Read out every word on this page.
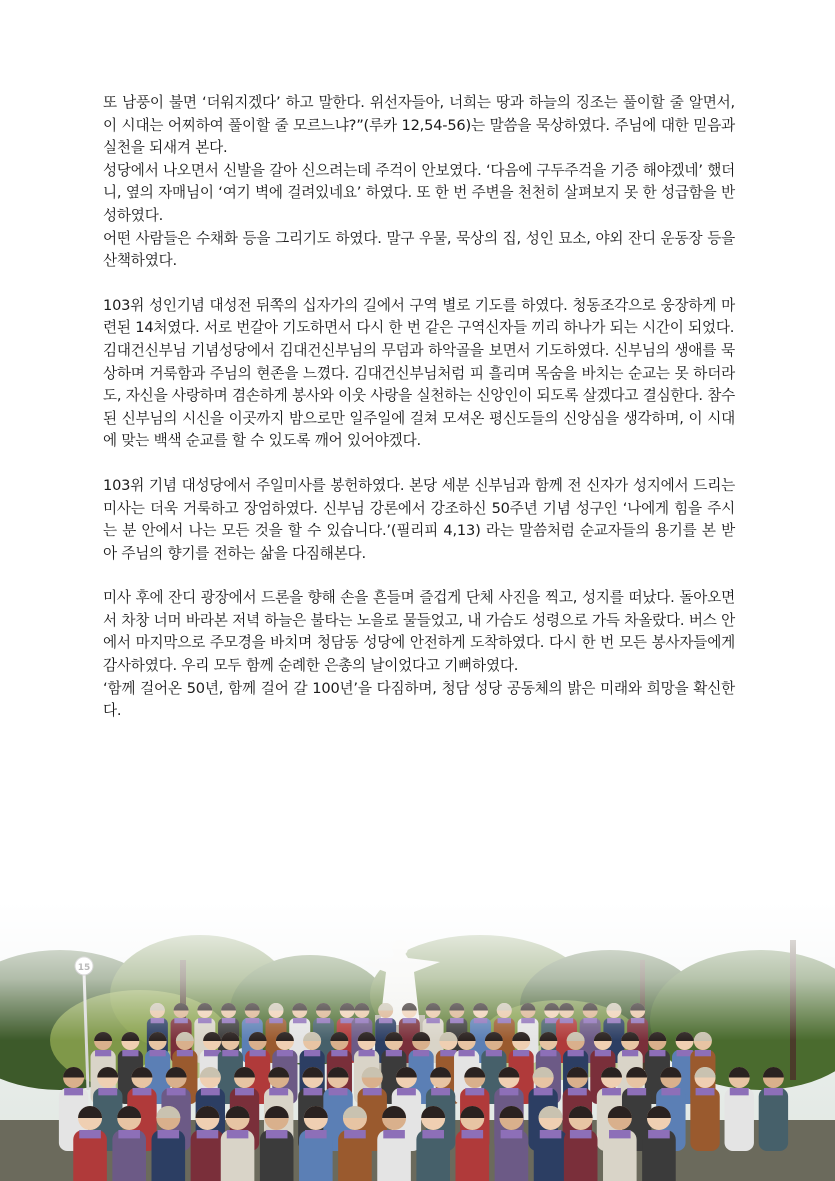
또 남풍이 불면 ‘더워지겠다’ 하고 말한다. 위선자들아, 너희는 땅과 하늘의 징조는 풀이할 줄 알면서, 이 시대는 어찌하여 풀이할 줄 모르느냐?”(루카 12,54-56)는 말씀을 묵상하였다. 주님에 대한 믿음과 실천을 되새겨 본다.

성당에서 나오면서 신발을 갈아 신으려는데 주걱이 안보였다. ‘다음에 구두주걱을 기증 해야겠네’ 했더니, 옆의 자매님이 ‘여기 벽에 걸려있네요’ 하였다. 또 한 번 주변을 천천히 살펴보지 못 한 성급함을 반성하였다.

어떤 사람들은 수채화 등을 그리기도 하였다. 말구 우물, 묵상의 집, 성인 묘소, 야외 잔디 운동장 등을 산책하였다.

103위 성인기념 대성전 뒤쪽의 십자가의 길에서 구역 별로 기도를 하였다. 청동조각으로 웅장하게 마련된 14처였다. 서로 번갈아 기도하면서 다시 한 번 같은 구역신자들 끼리 하나가 되는 시간이 되었다.

김대건신부님 기념성당에서 김대건신부님의 무덤과 하악골을 보면서 기도하였다. 신부님의 생애를 묵상하며 거룩함과 주님의 현존을 느꼈다. 김대건신부님처럼 피 흘리며 목숨을 바치는 순교는 못 하더라도, 자신을 사랑하며 겸손하게 봉사와 이웃 사랑을 실천하는 신앙인이 되도록 살겠다고 결심한다. 참수된 신부님의 시신을 이곳까지 밤으로만 일주일에 걸쳐 모셔온 평신도들의 신앙심을 생각하며, 이 시대에 맞는 백색 순교를 할 수 있도록 깨어 있어야겠다.

103위 기념 대성당에서 주일미사를 봉헌하였다. 본당 세분 신부님과 함께 전 신자가 성지에서 드리는 미사는 더욱 거룩하고 장엄하였다. 신부님 강론에서 강조하신 50주년 기념 성구인 ‘나에게 힘을 주시는 분 안에서 나는 모든 것을 할 수 있습니다.’(필리피 4,13) 라는 말씀처럼 순교자들의 용기를 본 받아 주님의 향기를 전하는 삶을 다짐해본다.

미사 후에 잔디 광장에서 드론을 향해 손을 흔들며 즐겁게 단체 사진을 찍고, 성지를 떠났다. 돌아오면서 차창 너머 바라본 저녁 하늘은 불타는 노을로 물들었고, 내 가슴도 성령으로 가득 차올랐다. 버스 안에서 마지막으로 주모경을 바치며 청담동 성당에 안전하게 도착하였다. 다시 한 번 모든 봉사자들에게 감사하였다. 우리 모두 함께 순례한 은총의 날이었다고 기뻐하였다.

‘함께 걸어온 50년, 함께 걸어 갈 100년’을 다짐하며, 청담 성당 공동체의 밝은 미래와 희망을 확신한다.
